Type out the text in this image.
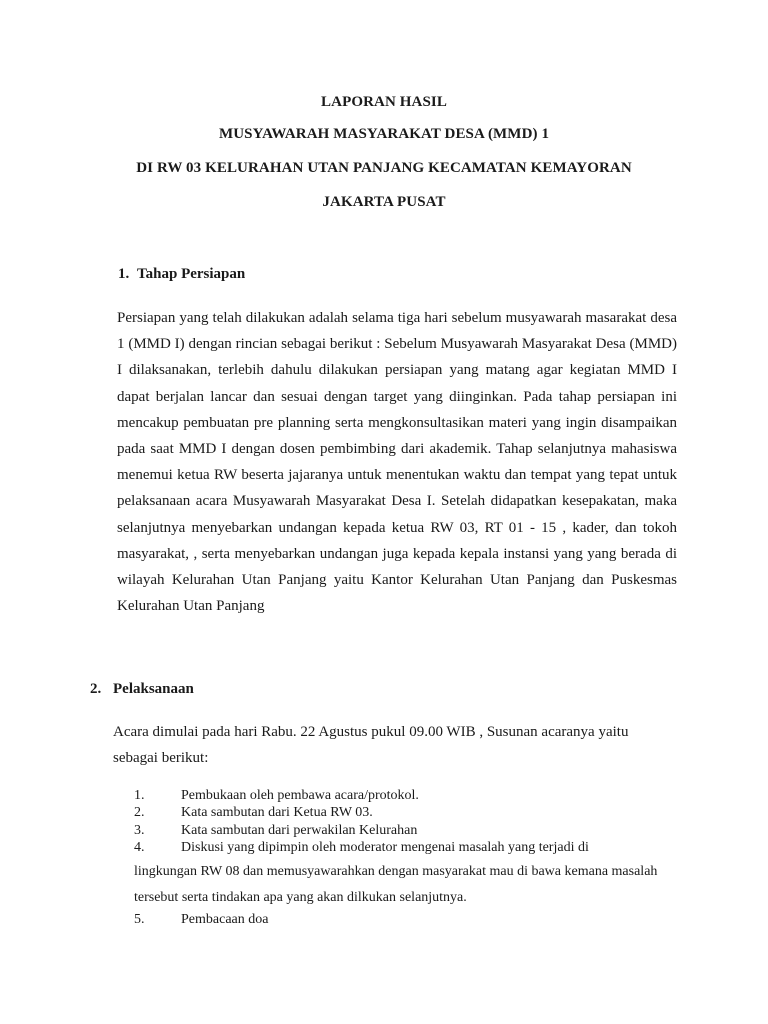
LAPORAN HASIL

MUSYAWARAH MASYARAKAT DESA (MMD) 1

DI RW 03 KELURAHAN UTAN PANJANG KECAMATAN KEMAYORAN

JAKARTA PUSAT

1. Tahap Persiapan

Persiapan yang telah dilakukan adalah selama tiga hari sebelum musyawarah masarakat desa 1 (MMD I) dengan rincian sebagai berikut : Sebelum Musyawarah Masyarakat Desa (MMD) I dilaksanakan, terlebih dahulu dilakukan persiapan yang matang agar kegiatan MMD I dapat berjalan lancar dan sesuai dengan target yang diinginkan. Pada tahap persiapan ini mencakup pembuatan pre planning serta mengkonsultasikan materi yang ingin disampaikan pada saat MMD I dengan dosen pembimbing dari akademik. Tahap selanjutnya mahasiswa menemui ketua RW beserta jajaranya untuk menentukan waktu dan tempat yang tepat untuk pelaksanaan acara Musyawarah Masyarakat Desa I. Setelah didapatkan kesepakatan, maka selanjutnya menyebarkan undangan kepada ketua RW 03, RT 01 - 15 , kader, dan tokoh masyarakat, , serta menyebarkan undangan juga kepada kepala instansi yang yang berada di wilayah Kelurahan Utan Panjang yaitu Kantor Kelurahan Utan Panjang dan Puskesmas Kelurahan Utan Panjang

2. Pelaksanaan

Acara dimulai pada hari Rabu. 22 Agustus pukul 09.00 WIB , Susunan acaranya yaitu sebagai berikut:

1.	Pembukaan oleh pembawa acara/protokol.
2.	Kata sambutan dari Ketua RW 03.
3.	Kata sambutan dari perwakilan Kelurahan
4.	Diskusi yang dipimpin oleh moderator mengenai masalah yang terjadi di
lingkungan RW 08 dan memusyawarahkan dengan masyarakat mau di bawa kemana masalah tersebut serta tindakan apa yang akan dilkukan selanjutnya.
5.	Pembacaan doa
